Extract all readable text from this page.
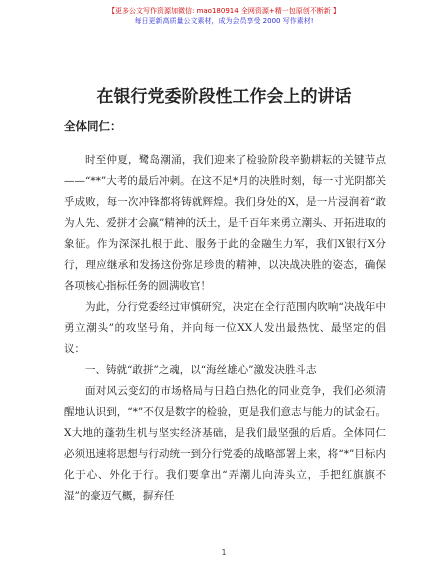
【更多公文写作资源加微信: mao180914 全网资源+精一包原创不断新 】
每日更新高质量公文素材，成为会员享受 2000 写作素材!
在银行党委阶段性工作会上的讲话
全体同仁：

时至仲夏，鹭岛潮涌，我们迎来了检验阶段辛勤耕耘的关键节点——“**”大考的最后冲刺。在这不足*月的决胜时刻，每一寸光阴都关乎成败，每一次冲锋都将铸就辉煌。我们身处的X，是一片浸润着“敢为人先、爱拼才会赢”精神的沃土，是千百年来勇立潮头、开拓进取的象征。作为深深扎根于此、服务于此的金融生力军，我们X银行X分行，理应继承和发扬这份弥足珍贵的精神，以决战决胜的姿态，确保各项核心指标任务的圆满收官！

为此，分行党委经过审慎研究，决定在全行范围内吹响“决战年中勇立潮头”的攻坚号角，并向每一位XX人发出最热忱、最坚定的倡议：

一、铸就“敢拼”之魂，以“海丝雄心”激发决胜斗志

面对风云变幻的市场格局与日趋白热化的同业竞争，我们必须清醒地认识到，“*”不仅是数字的检验，更是我们意志与能力的试金石。X大地的蓬勃生机与坚实经济基础，是我们最坚强的后盾。全体同仁必须迅速将思想与行动统一到分行党委的战略部署上来，将“*”目标内化于心、外化于行。我们要拿出“弄潮儿向涛头立，手把红旗旗不湿”的豪迈气概，摒弃任

1
